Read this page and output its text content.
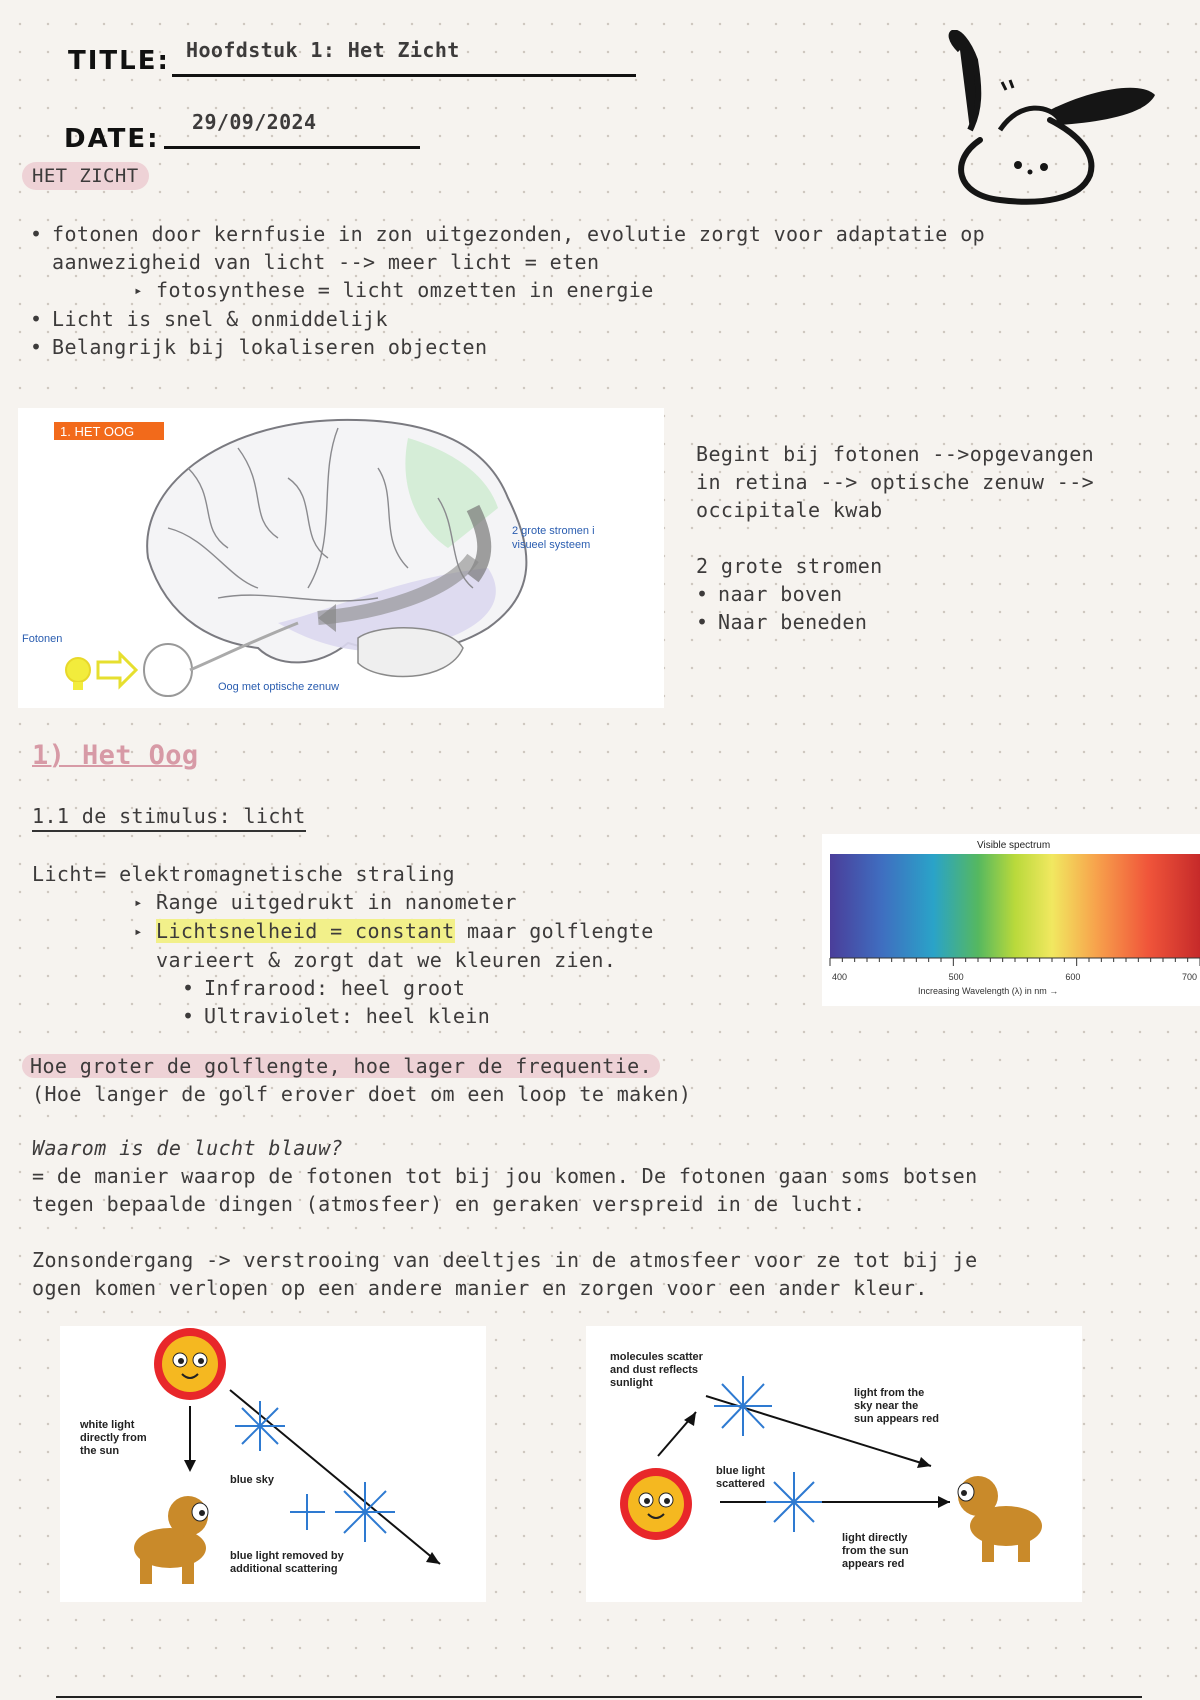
TITLE: Hoofdstuk 1: Het Zicht
DATE:
29/09/2024
HET ZICHT
• fotonen door kernfusie in zon uitgezonden, evolutie zorgt voor adaptatie op
aanwezigheid van licht --> meer licht = eten
▸ fotosynthese = licht omzetten in energie
• Licht is snel & onmiddelijk
• Belangrijk bij lokaliseren objecten
1. HET OOG
2 grote stromen i
visueel systeem
Fotonen
Oog met optische zenuw
Begint bij fotonen -->opgevangen
in retina --> optische zenuw -->
occipitale kwab
2 grote stromen
• naar boven
• Naar beneden
1) Het Oog
1.1 de stimulus: licht
Licht= elektromagnetische straling
▸ Range uitgedrukt in nanometer
▸ Lichtsnelheid = constant maar golflengte
varieert & zorgt dat we kleuren zien.
• Infrarood: heel groot
• Ultraviolet: heel klein
Visible spectrum
400	500	600	700
Increasing Wavelength (λ) in nm →
Hoe groter de golflengte, hoe lager de frequentie.
(Hoe langer de golf erover doet om een loop te maken)
Waarom is de lucht blauw?
= de manier waarop de fotonen tot bij jou komen. De fotonen gaan soms botsen
tegen bepaalde dingen (atmosfeer) en geraken verspreid in de lucht.
Zonsondergang -> verstrooing van deeltjes in de atmosfeer voor ze tot bij je
ogen komen verlopen op een andere manier en zorgen voor een ander kleur.
white light
directly from
the sun
blue sky
blue light removed by
additional scattering
molecules scatter
and dust reflects
sunlight
light from the
sky near the
sun appears red
blue light
scattered
light directly
from the sun
appears red
